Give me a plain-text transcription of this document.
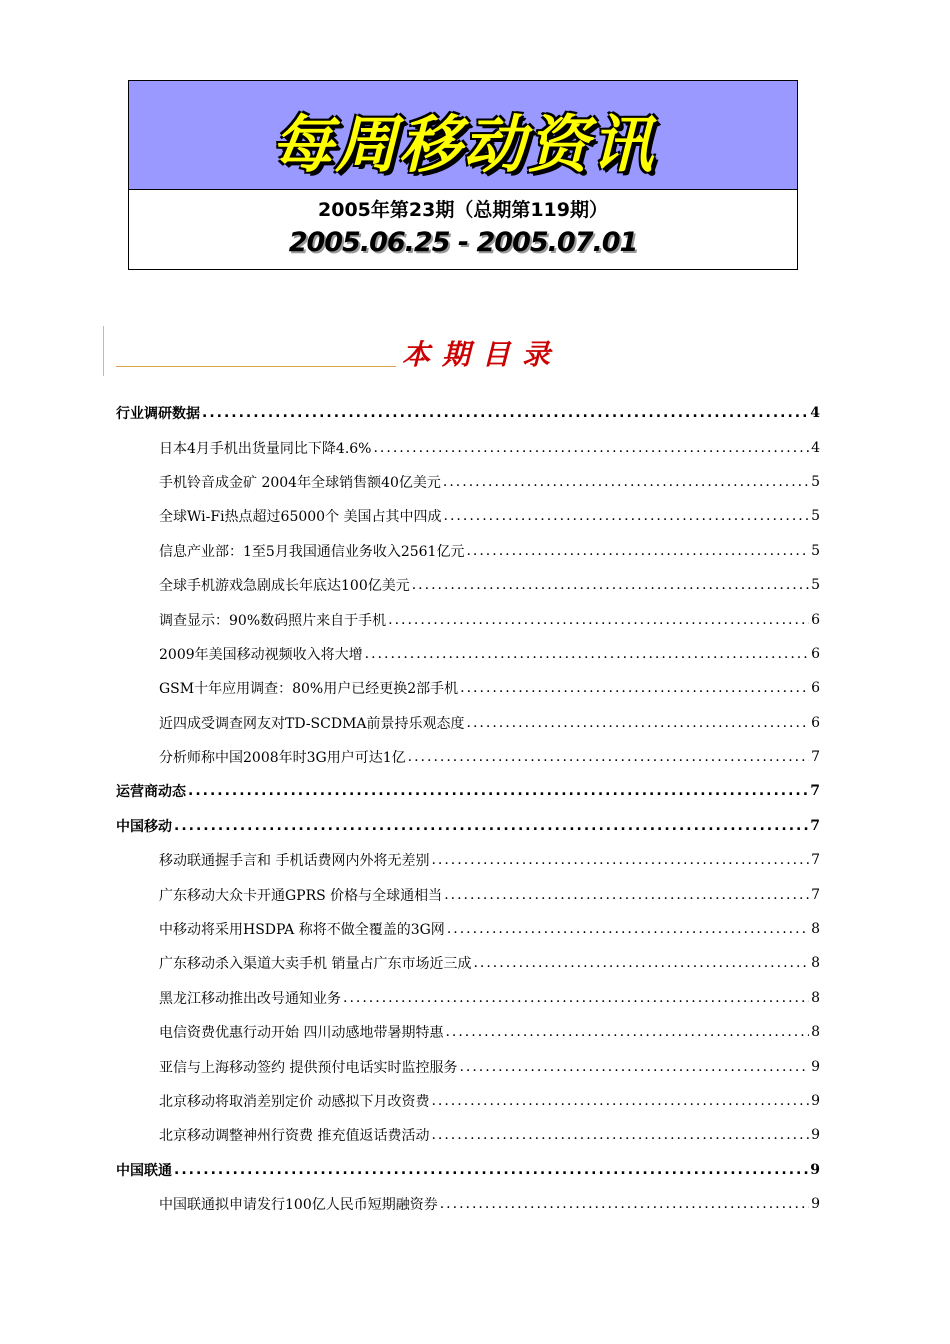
每周移动资讯
2005年第23期（总期第119期）
2005.06.25 - 2005.07.01
本期目录
行业调研数据 .....	4
日本4月手机出货量同比下降4.6% .....	4
手机铃音成金矿 2004年全球销售额40亿美元 .....	5
全球Wi-Fi热点超过65000个 美国占其中四成 .....	5
信息产业部：1至5月我国通信业务收入2561亿元 .....	5
全球手机游戏急剧成长年底达100亿美元 .....	5
调查显示：90%数码照片来自于手机 .....	6
2009年美国移动视频收入将大增 .....	6
GSM十年应用调查：80%用户已经更换2部手机 .....	6
近四成受调查网友对TD-SCDMA前景持乐观态度 .....	6
分析师称中国2008年时3G用户可达1亿 .....	7
运营商动态 .....	7
中国移动 .....	7
移动联通握手言和 手机话费网内外将无差别 .....	7
广东移动大众卡开通GPRS 价格与全球通相当 .....	7
中移动将采用HSDPA 称将不做全覆盖的3G网 .....	8
广东移动杀入渠道大卖手机 销量占广东市场近三成 .....	8
黑龙江移动推出改号通知业务 .....	8
电信资费优惠行动开始 四川动感地带暑期特惠 .....	8
亚信与上海移动签约 提供预付电话实时监控服务 .....	9
北京移动将取消差别定价 动感拟下月改资费 .....	9
北京移动调整神州行资费 推充值返话费活动 .....	9
中国联通 .....	9
中国联通拟申请发行100亿人民币短期融资券 .....	9
